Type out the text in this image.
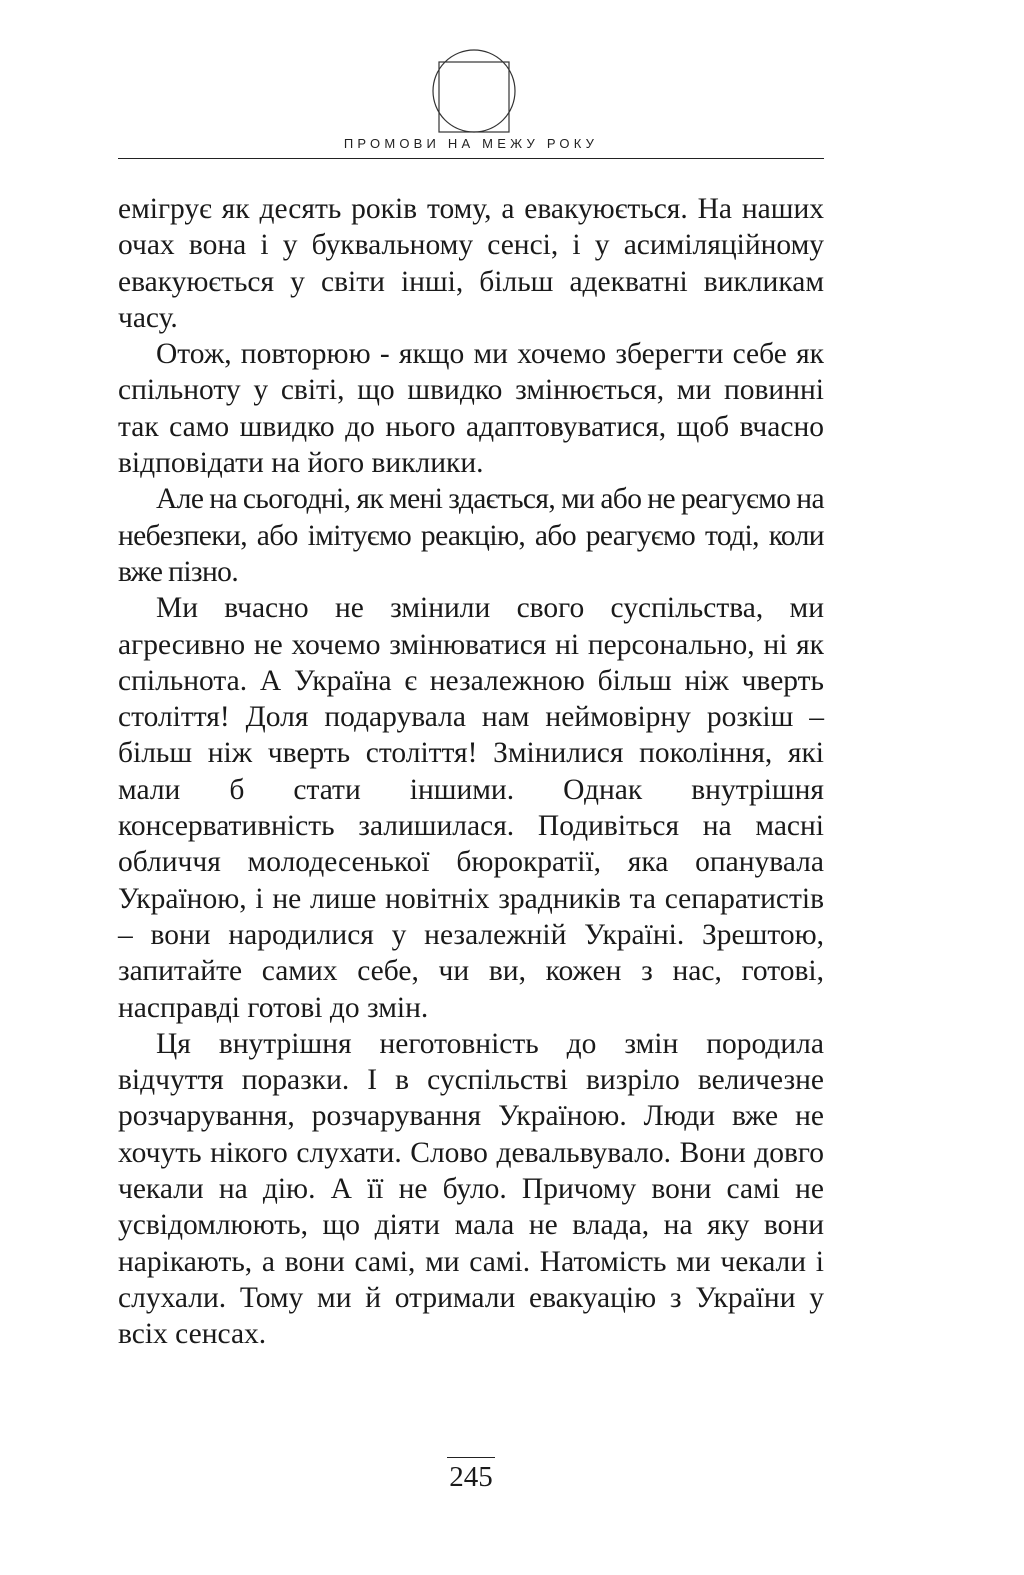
ПРОМОВИ НА МЕЖУ РОКУ

емігрує як десять років тому, а евакуюється. На наших очах вона і у буквальному сенсі, і у асиміляційному евакуюється у світи інші, більш адекватні викликам часу.

Отож, повторюю - якщо ми хочемо зберегти себе як спільноту у світі, що швидко змінюється, ми повинні так само швидко до нього адаптовуватися, щоб вчасно відповідати на його виклики.

Але на сьогодні, як мені здається, ми або не реагуємо на небезпеки, або імітуємо реакцію, або реагуємо тоді, коли вже пізно.

Ми вчасно не змінили свого суспільства, ми агресивно не хочемо змінюватися ні персонально, ні як спільнота. А Україна є незалежною більш ніж чверть століття! Доля подарувала нам неймовірну розкіш – більш ніж чверть століття! Змінилися покоління, які мали б стати іншими. Однак внутрішня консервативність залишилася. Подивіться на масні обличчя молодесенької бюрократії, яка опанувала Україною, і не лише новітніх зрадників та сепаратистів – вони народилися у незалежній Україні. Зрештою, запитайте самих себе, чи ви, кожен з нас, готові, насправді готові до змін.

Ця внутрішня неготовність до змін породила відчуття поразки. І в суспільстві визріло величезне розчарування, розчарування Україною. Люди вже не хочуть нікого слухати. Слово девальвувало. Вони довго чекали на дію. А її не було. Причому вони самі не усвідомлюють, що діяти мала не влада, на яку вони нарікають, а вони самі, ми самі. Натомість ми чекали і слухали. Тому ми й отримали евакуацію з України у всіх сенсах.

245
